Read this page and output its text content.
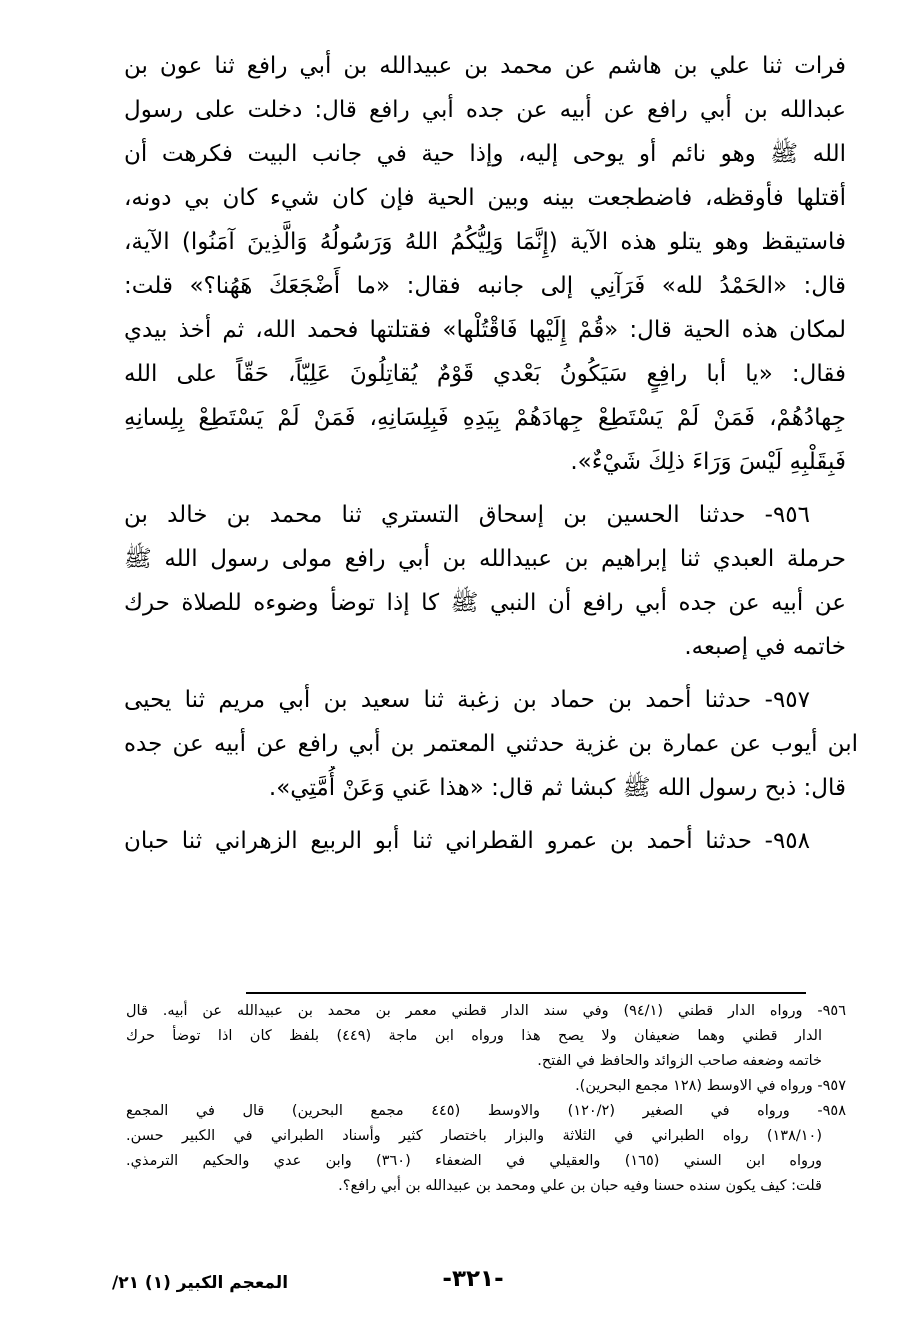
فرات ثنا علي بن هاشم عن محمد بن عبيدالله بن أبي رافع ثنا عون بن
عبدالله بن أبي رافع عن أبيه عن جده أبي رافع قال: دخلت على رسول
الله ﷺ وهو نائم أو يوحى إليه، وإذا حية في جانب البيت فكرهت أن
أقتلها فأوقظه، فاضطجعت بينه وبين الحية فإن كان شيء كان بي دونه،
فاستيقظ وهو يتلو هذه الآية (إِنَّمَا وَلِيُّكُمُ اللهُ وَرَسُولُهُ وَالَّذِينَ آمَنُوا) الآية،
قال: «الحَمْدُ لله» فَرَآنِي إلى جانبه فقال: «ما أَضْجَعَكَ هَهُنا؟» قلت:
لمكان هذه الحية قال: «قُمْ إِلَيْها فَاقْتُلْها» فقتلتها فحمد الله، ثم أخذ بيدي
فقال: «يا أبا رافِعٍ سَيَكُونُ بَعْدي قَوْمٌ يُقاتِلُونَ عَلِيّاً، حَقّاً على الله
جِهادُهُمْ، فَمَنْ لَمْ يَسْتَطِعْ جِهادَهُمْ بِيَدِهِ فَبِلِسَانِهِ، فَمَنْ لَمْ يَسْتَطِعْ بِلِسانِهِ
فَبِقَلْبِهِ لَيْسَ وَرَاءَ ذلِكَ شَيْءٌ».
٩٥٦- حدثنا الحسين بن إسحاق التستري ثنا محمد بن خالد بن
حرملة العبدي ثنا إبراهيم بن عبيدالله بن أبي رافع مولى رسول الله ﷺ
عن أبيه عن جده أبي رافع أن النبي ﷺ كا إذا توضأ وضوءه للصلاة حرك
خاتمه في إصبعه.
٩٥٧- حدثنا أحمد بن حماد بن زغبة ثنا سعيد بن أبي مريم ثنا يحيى
ابن أيوب عن عمارة بن غزية حدثني المعتمر بن أبي رافع عن أبيه عن جده
قال: ذبح رسول الله ﷺ كبشا ثم قال: «هذا عَني وَعَنْ أُمَّتِي».
٩٥٨- حدثنا أحمد بن عمرو القطراني ثنا أبو الربيع الزهراني ثنا حبان
٩٥٦- ورواه الدار قطني (٩٤/١) وفي سند الدار قطني معمر بن محمد بن عبيدالله عن أبيه. قال
الدار قطني وهما ضعيفان ولا يصح هذا ورواه ابن ماجة (٤٤٩) بلفظ كان اذا توضأ حرك
خاتمه وضعفه صاحب الزوائد والحافظ في الفتح.
٩٥٧- ورواه في الاوسط (١٢٨ مجمع البحرين).
٩٥٨- ورواه في الصغير (١٢٠/٢) والاوسط (٤٤٥ مجمع البحرين) قال في المجمع
(١٣٨/١٠) رواه الطبراني في الثلاثة والبزار باختصار كثير وأسناد الطبراني في الكبير حسن.
ورواه ابن السني (١٦٥) والعقيلي في الضعفاء (٣٦٠) وابن عدي والحكيم الترمذي.
قلت: كيف يكون سنده حسنا وفيه حبان بن علي ومحمد بن عبيدالله بن أبي رافع؟.
-٣٢١-
المعجم الكبير (١) ٢١/
